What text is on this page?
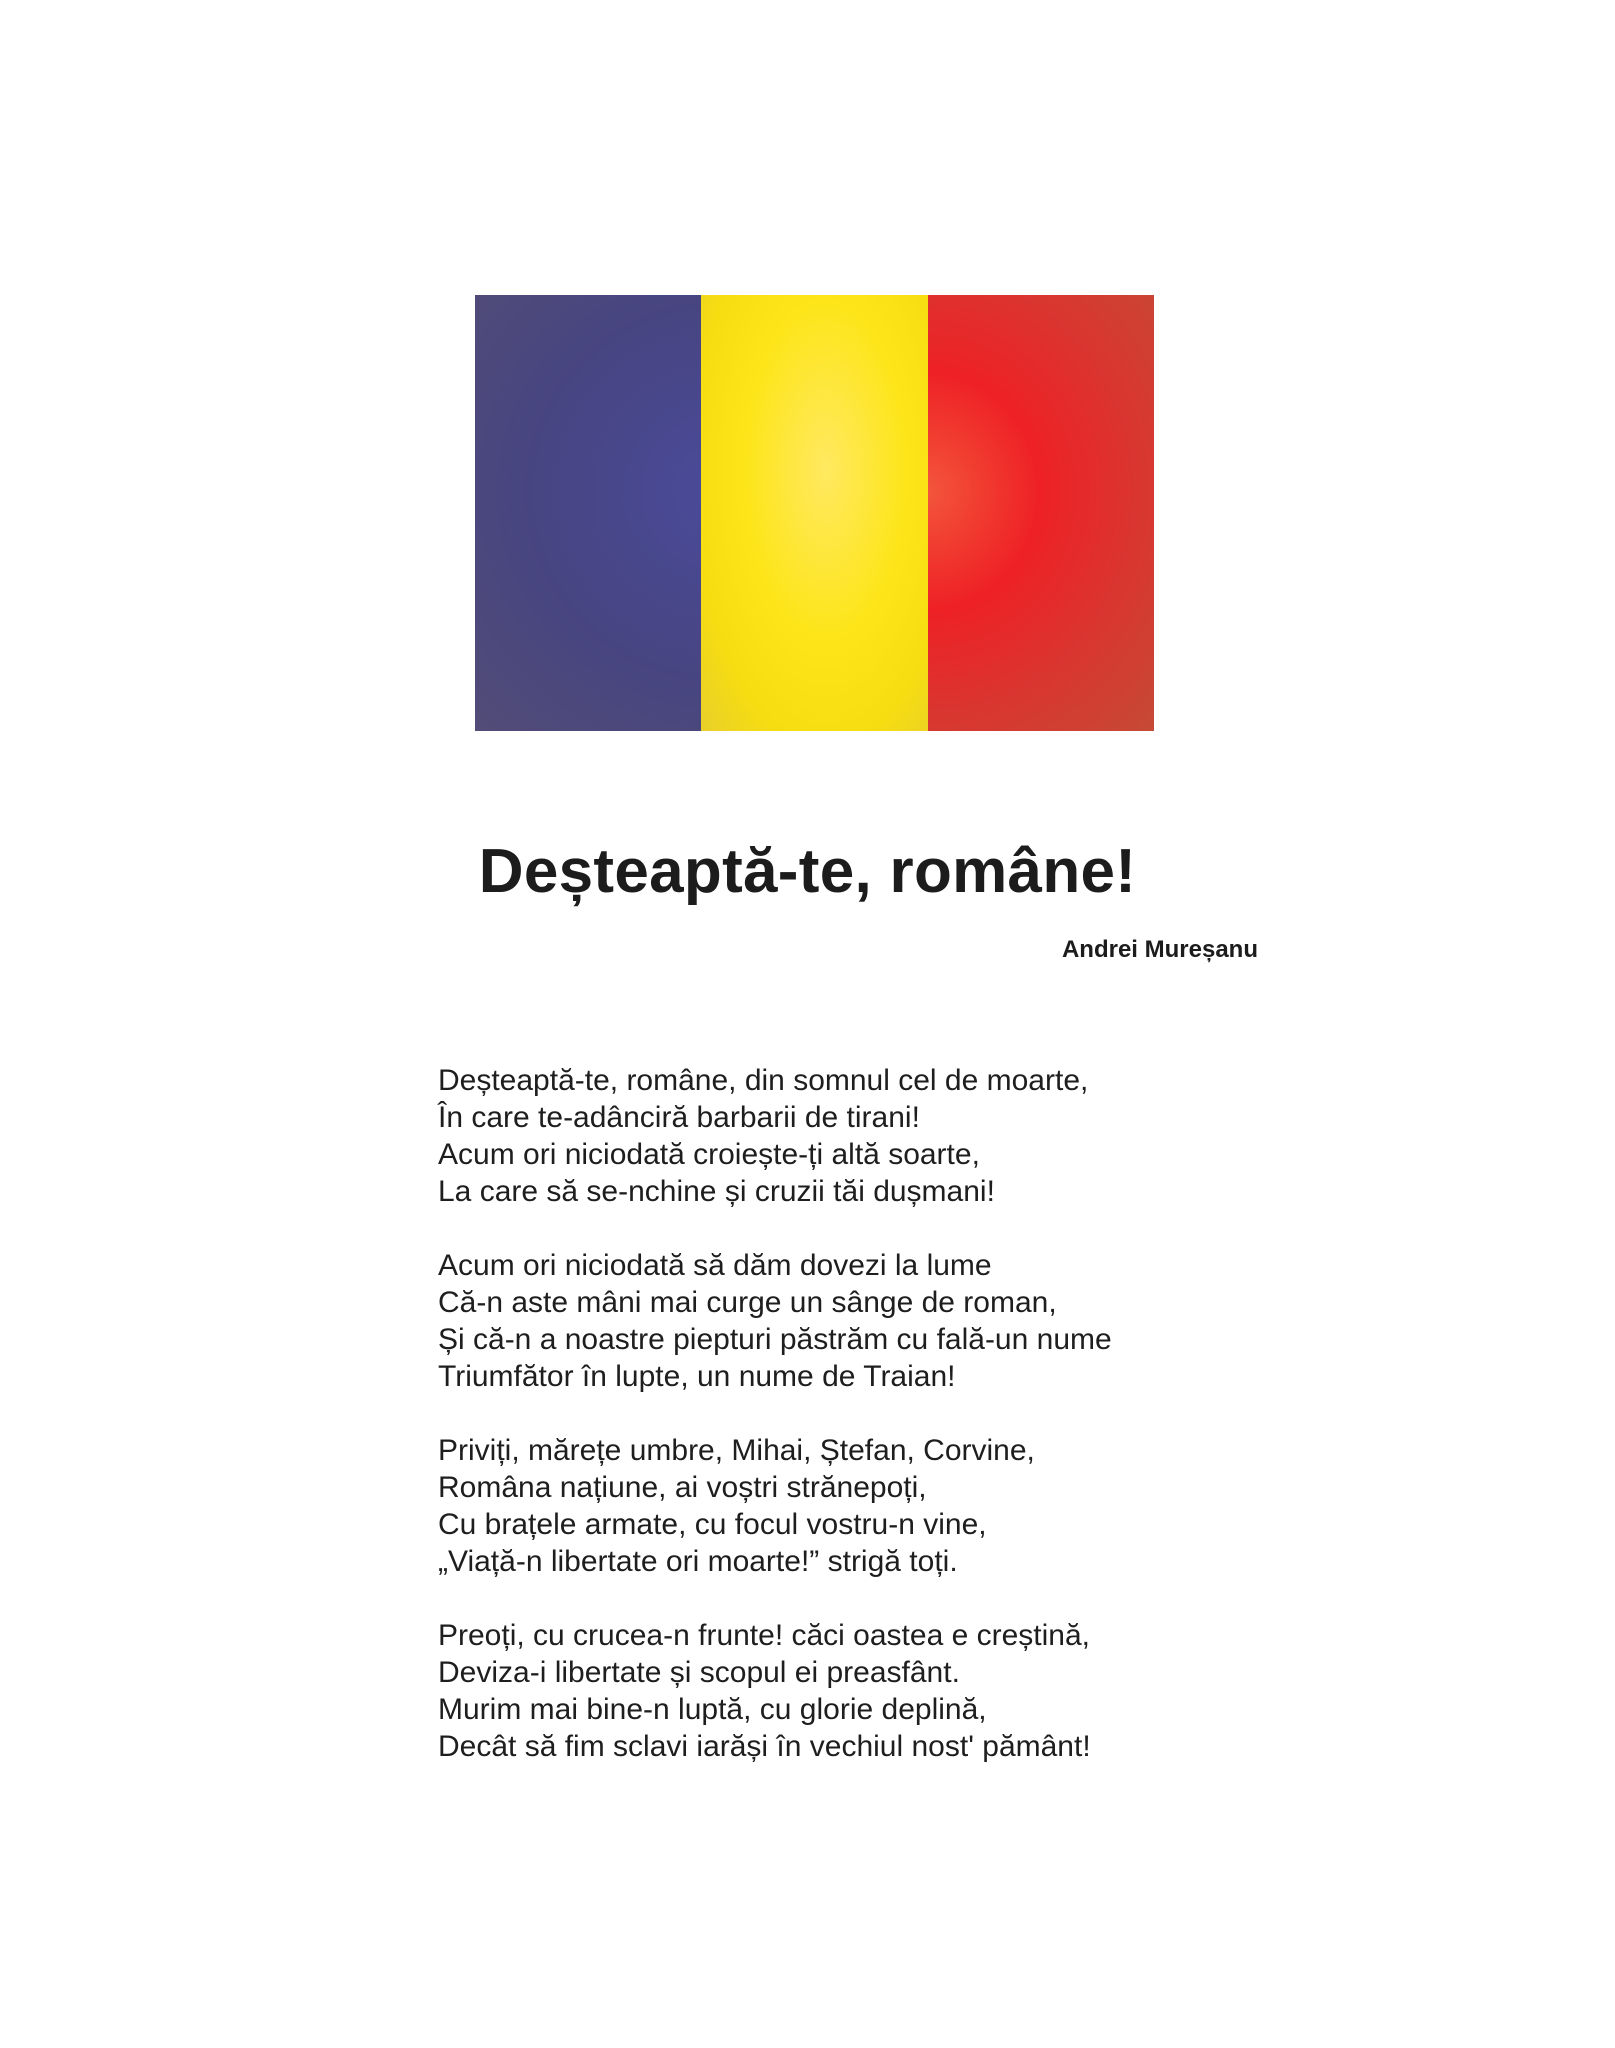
Deșteaptă-te, române!
Andrei Mureșanu
Deșteaptă-te, române, din somnul cel de moarte,
În care te-adânciră barbarii de tirani!
Acum ori niciodată croiește-ți altă soarte,
La care să se-nchine și cruzii tăi dușmani!
Acum ori niciodată să dăm dovezi la lume
Că-n aste mâni mai curge un sânge de roman,
Și că-n a noastre piepturi păstrăm cu fală-un nume
Triumfător în lupte, un nume de Traian!
Priviți, mărețe umbre, Mihai, Ștefan, Corvine,
Româna națiune, ai voștri strănepoți,
Cu brațele armate, cu focul vostru-n vine,
„Viață-n libertate ori moarte!” strigă toți.
Preoți, cu crucea-n frunte! căci oastea e creștină,
Deviza-i libertate și scopul ei preasfânt.
Murim mai bine-n luptă, cu glorie deplină,
Decât să fim sclavi iarăși în vechiul nost' pământ!
